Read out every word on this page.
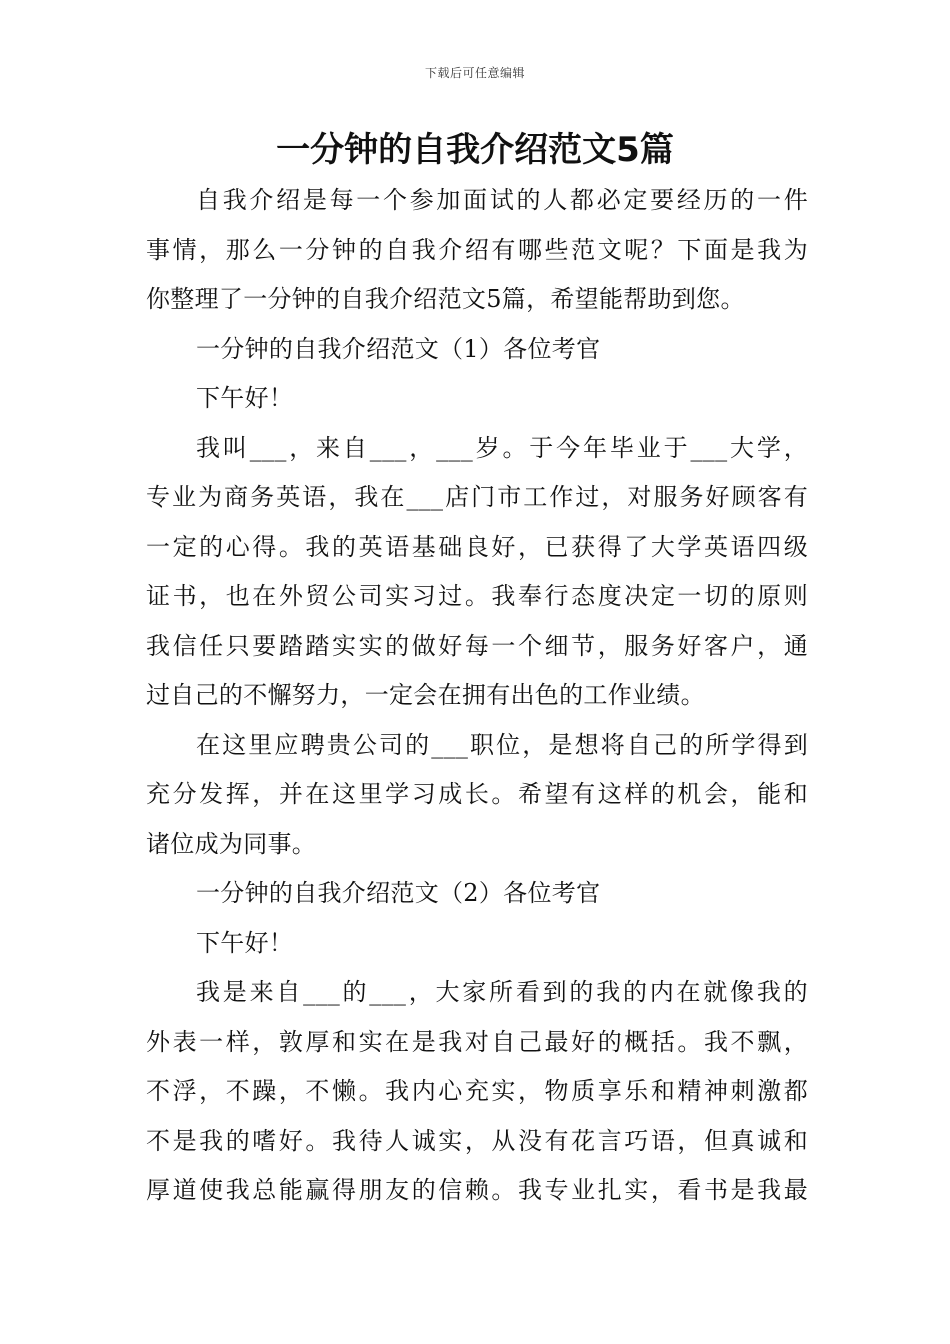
下载后可任意编辑
一分钟的自我介绍范文5篇
自我介绍是每一个参加面试的人都必定要经历的一件
事情，那么一分钟的自我介绍有哪些范文呢？下面是我为
你整理了一分钟的自我介绍范文5篇，希望能帮助到您。
一分钟的自我介绍范文（1）各位考官
下午好！
我叫___，来自___，___岁。于今年毕业于___大学，
专业为商务英语，我在___店门市工作过，对服务好顾客有
一定的心得。我的英语基础良好，已获得了大学英语四级
证书，也在外贸公司实习过。我奉行态度决定一切的原则
我信任只要踏踏实实的做好每一个细节，服务好客户，通
过自己的不懈努力，一定会在拥有出色的工作业绩。
在这里应聘贵公司的___职位，是想将自己的所学得到
充分发挥，并在这里学习成长。希望有这样的机会，能和
诸位成为同事。
一分钟的自我介绍范文（2）各位考官
下午好！
我是来自___的___，大家所看到的我的内在就像我的
外表一样，敦厚和实在是我对自己最好的概括。我不飘，
不浮，不躁，不懒。我内心充实，物质享乐和精神刺激都
不是我的嗜好。我待人诚实，从没有花言巧语，但真诚和
厚道使我总能赢得朋友的信赖。我专业扎实，看书是我最
